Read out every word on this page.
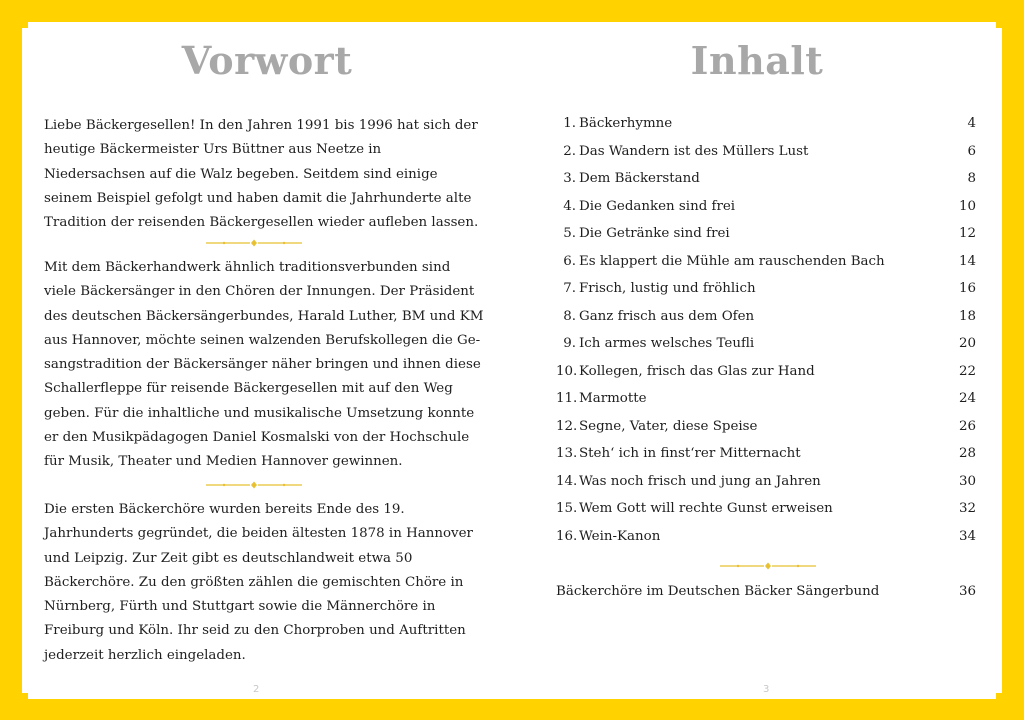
Vorwort

Liebe Bäckergesellen! In den Jahren 1991 bis 1996 hat sich der heutige Bäckermeister Urs Büttner aus Neetze in Niedersachsen auf die Walz begeben. Seitdem sind einige seinem Beispiel gefolgt und haben damit die Jahrhunderte alte Tradition der reisenden Bäckergesellen wieder aufleben lassen.

Mit dem Bäckerhandwerk ähnlich traditionsverbunden sind viele Bäckersänger in den Chören der Innungen. Der Präsident des deutschen Bäckersängerbundes, Harald Luther, BM und KM aus Hannover, möchte seinen walzenden Berufskollegen die Ge-sangstradition der Bäckersänger näher bringen und ihnen diese Schallerfleppe für reisende Bäckergesellen mit auf den Weg geben. Für die inhaltliche und musikalische Umsetzung konnte er den Musikpädagogen Daniel Kosmalski von der Hochschule für Musik, Theater und Medien Hannover gewinnen.

Die ersten Bäckerchöre wurden bereits Ende des 19. Jahrhunderts gegründet, die beiden ältesten 1878 in Hannover und Leipzig. Zur Zeit gibt es deutschlandweit etwa 50 Bäckerchöre. Zu den größten zählen die gemischten Chöre in Nürnberg, Fürth und Stuttgart sowie die Männerchöre in Freiburg und Köln. Ihr seid zu den Chorproben und Auftritten jederzeit herzlich eingeladen.

2
Inhalt
3
1. Bäckerhymne	4
2. Das Wandern ist des Müllers Lust	6
3. Dem Bäckerstand	8
4. Die Gedanken sind frei	10
5. Die Getränke sind frei	12
6. Es klappert die Mühle am rauschenden Bach	14
7. Frisch, lustig und fröhlich	16
8. Ganz frisch aus dem Ofen	18
9. Ich armes welsches Teufli	20
10. Kollegen, frisch das Glas zur Hand	22
11. Marmotte	24
12. Segne, Vater, diese Speise	26
13. Steh‘ ich in finst‘rer Mitternacht	28
14. Was noch frisch und jung an Jahren	30
15. Wem Gott will rechte Gunst erweisen	32
16. Wein-Kanon	34
Bäckerchöre im Deutschen Bäcker Sängerbund	36
